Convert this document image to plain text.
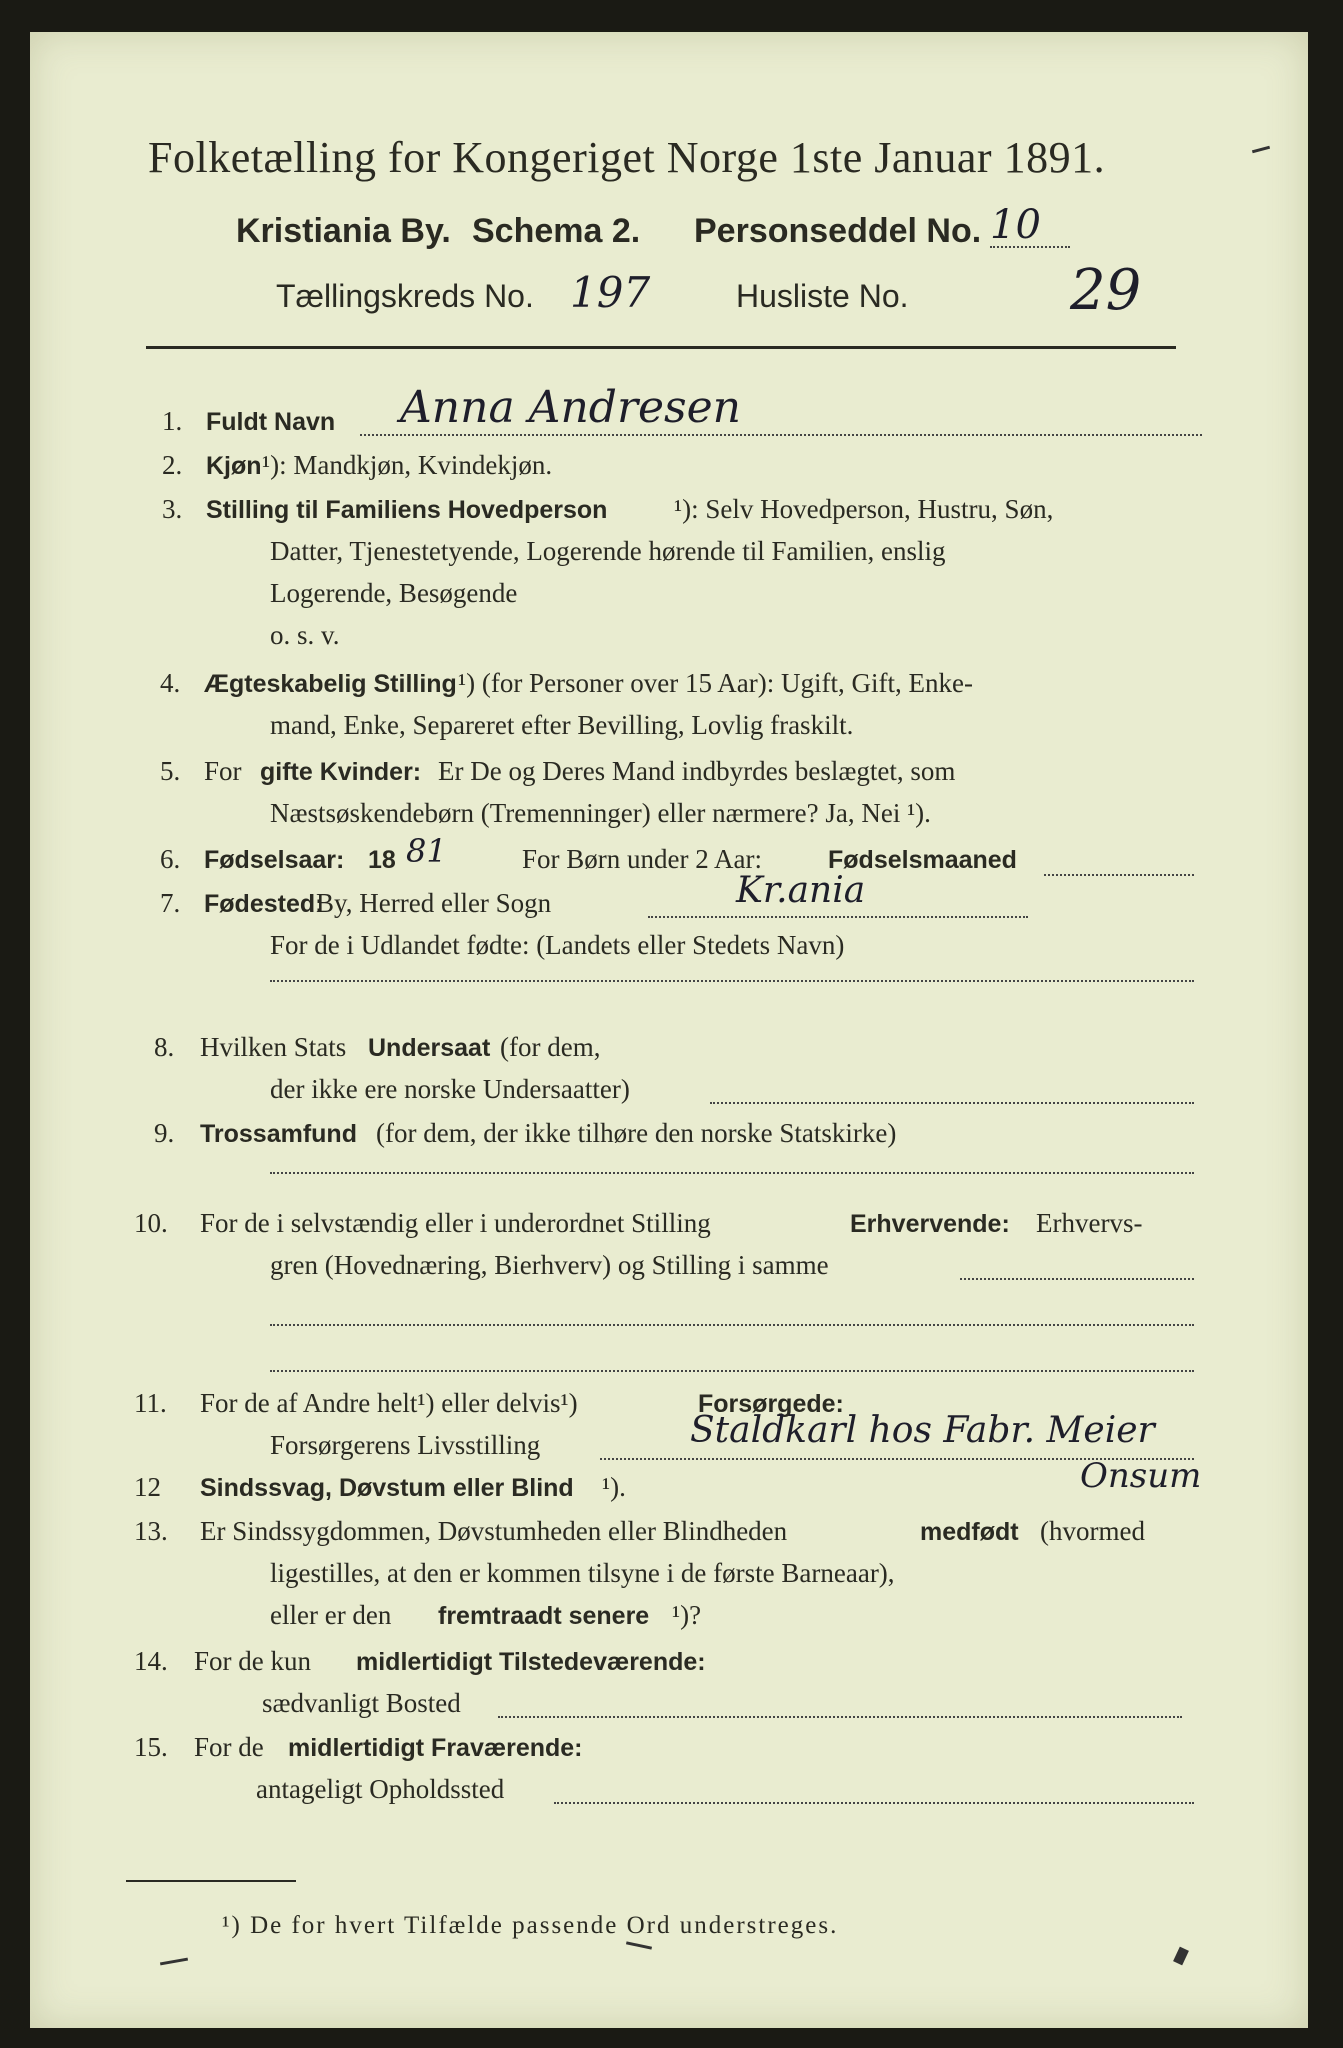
Folketælling for Kongeriget Norge 1ste Januar 1891.
Kristiania By. Schema 2. Personseddel No. 10
Tællingskreds No. 197	Husliste No.	29
1. Fuldt Navn Anna Andresen
2. Kjøn ¹): Mandkjøn, Kvindekjøn.
3. Stilling til Familiens Hovedperson ¹): Selv Hovedperson, Hustru, Søn,
Datter, Tjenestetyende, Logerende hørende til Familien, enslig
Logerende, Besøgende
o. s. v.
4. Ægteskabelig Stilling ¹) (for Personer over 15 Aar): Ugift, Gift, Enke-
mand, Enke, Separeret efter Bevilling, Lovlig fraskilt.
5. For gifte Kvinder: Er De og Deres Mand indbyrdes beslægtet, som
Næstsøskendebørn (Tremenninger) eller nærmere? Ja, Nei ¹).
6. Fødselsaar: 18 81	For Børn under 2 Aar:	Fødselsmaaned
7. Fødested:
By, Herred eller Sogn	Kr.ania
For de i Udlandet fødte: (Landets eller Stedets Navn)
8. Hvilken Stats Undersaat (for dem,
der ikke ere norske Undersaatter)
9. Trossamfund (for dem, der ikke tilhøre den norske Statskirke)
10. For de i selvstændig eller i underordnet Stilling	Erhvervende: Erhvervs-
gren (Hovednæring, Bierhverv) og Stilling i samme
11. For de af Andre helt¹) eller delvis¹)	Forsørgede:
Forsørgerens Livsstilling	Staldkarl hos Fabr. Meier
Onsum
12 Sindssvag, Døvstum eller Blind ¹).
13. Er Sindssygdommen, Døvstumheden eller Blindheden	medfødt (hvormed
ligestilles, at den er kommen tilsyne i de første Barneaar),
eller er den fremtraadt senere ¹)?
14. For de kun midlertidigt Tilstedeværende:
sædvanligt Bosted
15. For de midlertidigt Fraværende:
antageligt Opholdssted
¹) De for hvert Tilfælde passende Ord understreges.
